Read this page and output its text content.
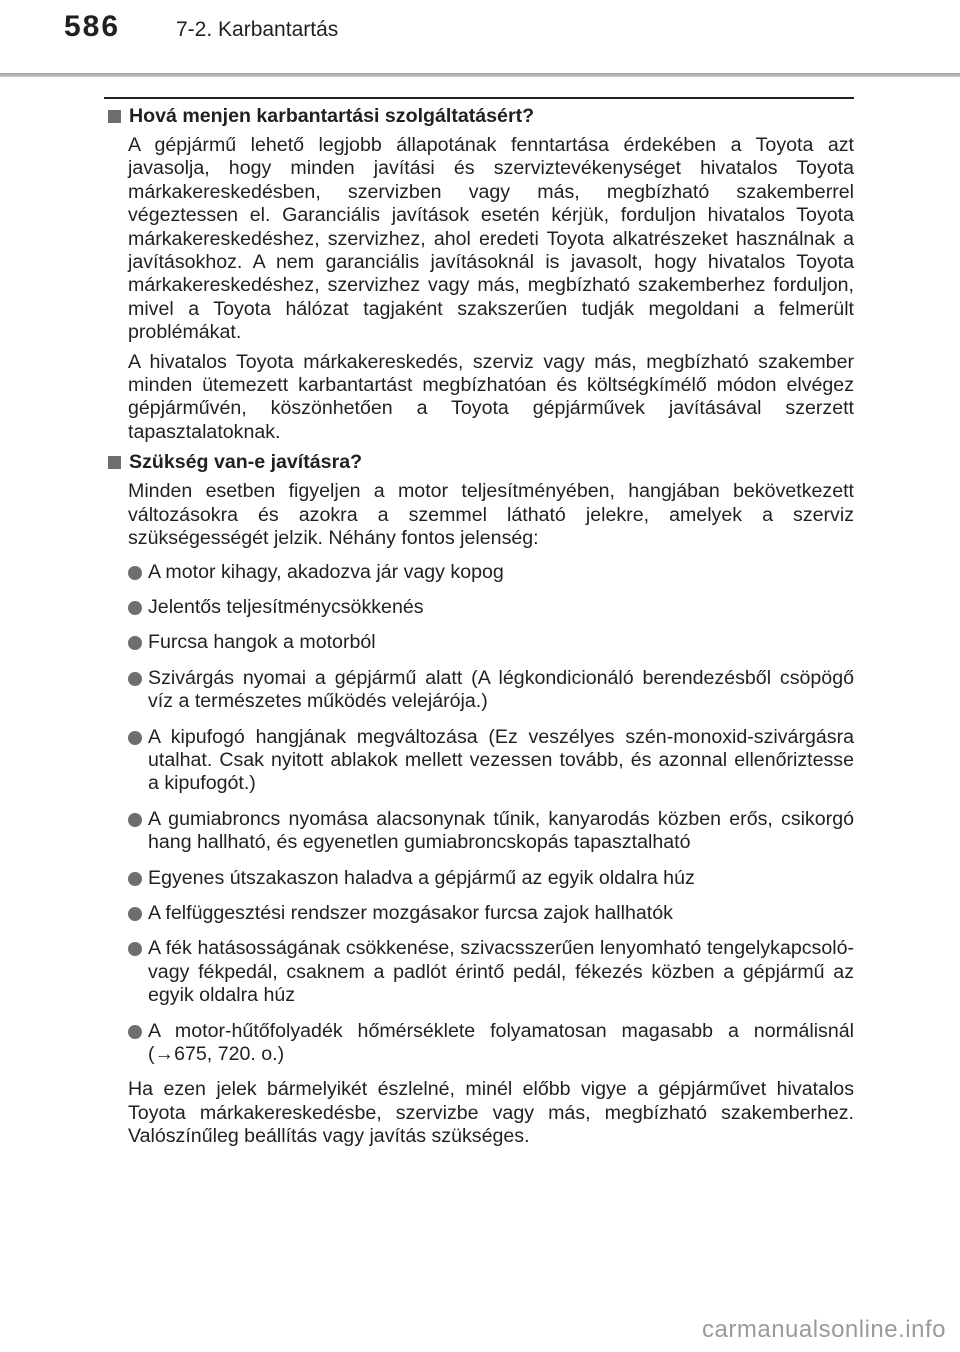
586	7-2. Karbantartás
Hová menjen karbantartási szolgáltatásért?

A gépjármű lehető legjobb állapotának fenntartása érdekében a Toyota azt javasolja, hogy minden javítási és szerviztevékenységet hivatalos Toyota márkakereskedésben, szervizben vagy más, megbízható szakemberrel végeztessen el. Garanciális javítások esetén kérjük, forduljon hivatalos Toyota márkakereskedéshez, szervizhez, ahol eredeti Toyota alkatrészeket használnak a javításokhoz. A nem garanciális javításoknál is javasolt, hogy hivatalos Toyota márkakereskedéshez, szervizhez vagy más, megbízható szakemberhez forduljon, mivel a Toyota hálózat tagjaként szakszerűen tudják megoldani a felmerült problémákat.

A hivatalos Toyota márkakereskedés, szerviz vagy más, megbízható szakember minden ütemezett karbantartást megbízhatóan és költségkímélő módon elvégez gépjárművén, köszönhetően a Toyota gépjárművek javításával szerzett tapasztalatoknak.

Szükség van-e javításra?

Minden esetben figyeljen a motor teljesítményében, hangjában bekövetkezett változásokra és azokra a szemmel látható jelekre, amelyek a szerviz szükségességét jelzik. Néhány fontos jelenség:

A motor kihagy, akadozva jár vagy kopog
Jelentős teljesítménycsökkenés
Furcsa hangok a motorból
Szivárgás nyomai a gépjármű alatt (A légkondicionáló berendezésből csöpögő víz a természetes működés velejárója.)
A kipufogó hangjának megváltozása (Ez veszélyes szén-monoxid-szivárgásra utalhat. Csak nyitott ablakok mellett vezessen tovább, és azonnal ellenőriztesse a kipufogót.)
A gumiabroncs nyomása alacsonynak tűnik, kanyarodás közben erős, csikorgó hang hallható, és egyenetlen gumiabroncskopás tapasztalható
Egyenes útszakaszon haladva a gépjármű az egyik oldalra húz
A felfüggesztési rendszer mozgásakor furcsa zajok hallhatók
A fék hatásosságának csökkenése, szivacsszerűen lenyomható tengelykapcsoló- vagy fékpedál, csaknem a padlót érintő pedál, fékezés közben a gépjármű az egyik oldalra húz
A motor-hűtőfolyadék hőmérséklete folyamatosan magasabb a normálisnál (→675, 720. o.)

Ha ezen jelek bármelyikét észlelné, minél előbb vigye a gépjárművet hivatalos Toyota márkakereskedésbe, szervizbe vagy más, megbízható szakemberhez. Valószínűleg beállítás vagy javítás szükséges.

carmanualsonline.info
